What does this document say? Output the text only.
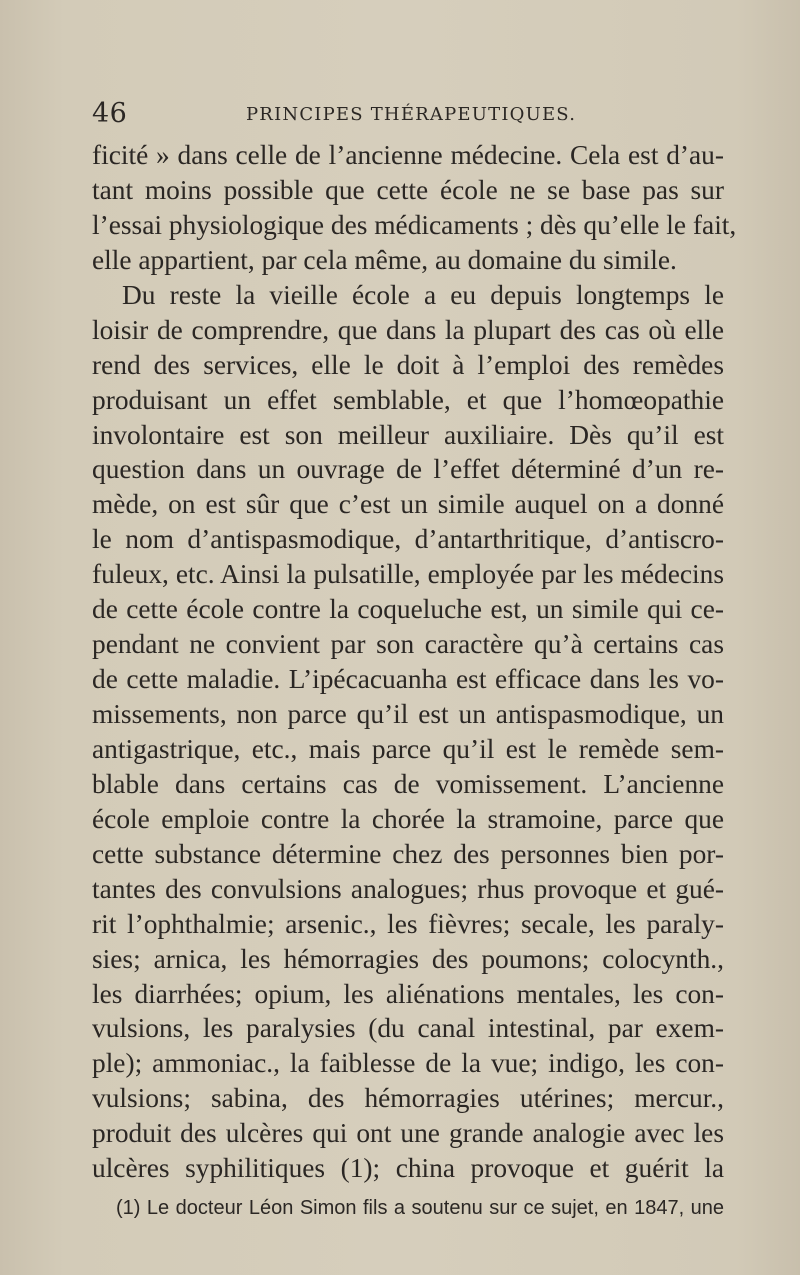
46	PRINCIPES THÉRAPEUTIQUES.
ficité » dans celle de l’ancienne médecine. Cela est d’au-
tant moins possible que cette école ne se base pas sur
l’essai physiologique des médicaments ; dès qu’elle le fait,
elle appartient, par cela même, au domaine du simile.
Du reste la vieille école a eu depuis longtemps le
loisir de comprendre, que dans la plupart des cas où elle
rend des services, elle le doit à l’emploi des remèdes
produisant un effet semblable, et que l’homœopathie
involontaire est son meilleur auxiliaire. Dès qu’il est
question dans un ouvrage de l’effet déterminé d’un re-
mède, on est sûr que c’est un simile auquel on a donné
le nom d’antispasmodique, d’antarthritique, d’antiscro-
fuleux, etc. Ainsi la pulsatille, employée par les médecins
de cette école contre la coqueluche est, un simile qui ce-
pendant ne convient par son caractère qu’à certains cas
de cette maladie. L’ipécacuanha est efficace dans les vo-
missements, non parce qu’il est un antispasmodique, un
antigastrique, etc., mais parce qu’il est le remède sem-
blable dans certains cas de vomissement. L’ancienne
école emploie contre la chorée la stramoine, parce que
cette substance détermine chez des personnes bien por-
tantes des convulsions analogues; rhus provoque et gué-
rit l’ophthalmie; arsenic., les fièvres; secale, les paraly-
sies; arnica, les hémorragies des poumons; colocynth.,
les diarrhées; opium, les aliénations mentales, les con-
vulsions, les paralysies (du canal intestinal, par exem-
ple); ammoniac., la faiblesse de la vue; indigo, les con-
vulsions; sabina, des hémorragies utérines; mercur.,
produit des ulcères qui ont une grande analogie avec les
ulcères syphilitiques (1); china provoque et guérit la
(1) Le docteur Léon Simon fils a soutenu sur ce sujet, en 1847, une
